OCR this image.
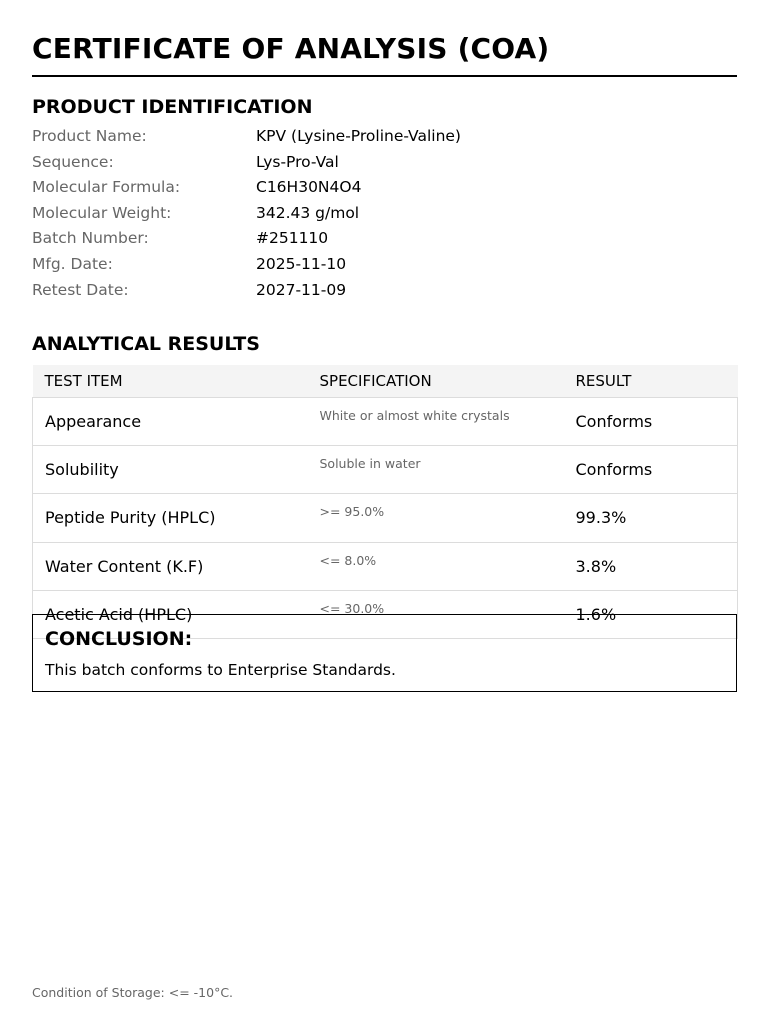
CERTIFICATE OF ANALYSIS (COA)
PRODUCT IDENTIFICATION
Product Name:	KPV (Lysine-Proline-Valine)
Sequence:	Lys-Pro-Val
Molecular Formula:	C16H30N4O4
Molecular Weight:	342.43 g/mol
Batch Number:	#251110
Mfg. Date:	2025-11-10
Retest Date:	2027-11-09
ANALYTICAL RESULTS
TEST ITEM	SPECIFICATION	RESULT
Appearance	White or almost white crystals	Conforms
Solubility	Soluble in water	Conforms
Peptide Purity (HPLC)	>= 95.0%	99.3%
Water Content (K.F)	<= 8.0%	3.8%
Acetic Acid (HPLC)	<= 30.0%	1.6%
CONCLUSION:
This batch conforms to Enterprise Standards.
Condition of Storage: <= -10°C.
